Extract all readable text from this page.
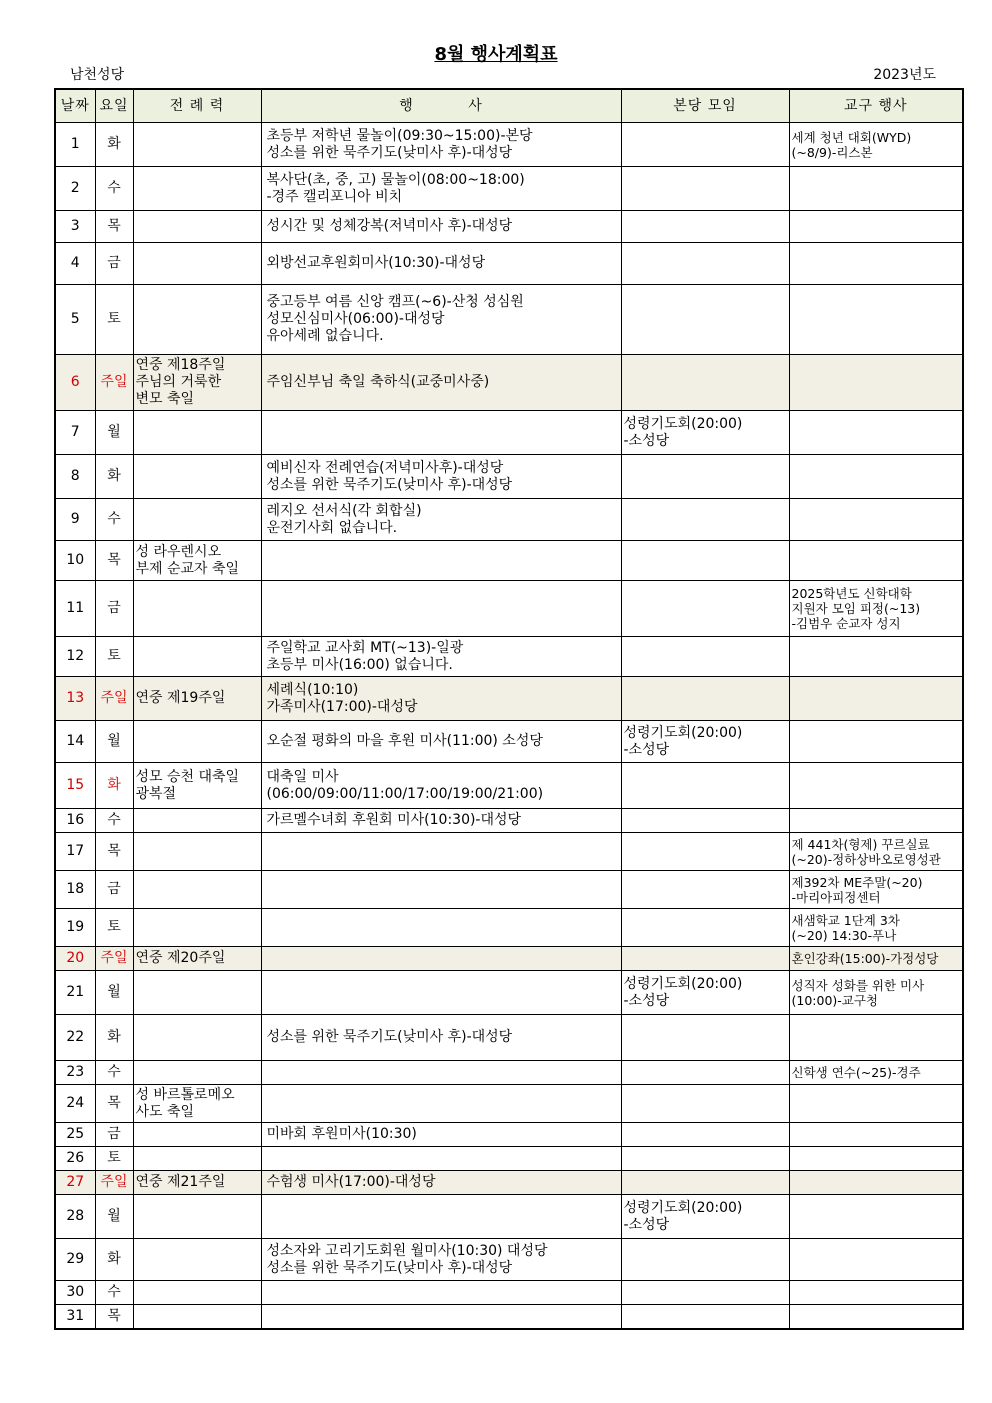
8월 행사계획표
남천성당	2023년도
날짜	요일	전 례 력	행          사	본당 모임	교구 행사
1	화		초등부 저학년 물놀이(09:30~15:00)-본당
성소를 위한 묵주기도(낮미사 후)-대성당		세계 청년 대회(WYD)
(~8/9)-리스본
2	수		복사단(초, 중, 고) 물놀이(08:00~18:00)
-경주 캘리포니아 비치		
3	목		성시간 및 성체강복(저녁미사 후)-대성당		
4	금		외방선교후원회미사(10:30)-대성당		
5	토		중고등부 여름 신앙 캠프(~6)-산청 성심원
성모신심미사(06:00)-대성당
유아세례 없습니다.		
6	주일	연중 제18주일
주님의 거룩한
변모 축일	주임신부님 축일 축하식(교중미사중)		
7	월			성령기도회(20:00)
-소성당	
8	화		예비신자 전례연습(저녁미사후)-대성당
성소를 위한 묵주기도(낮미사 후)-대성당		
9	수		레지오 선서식(각 회합실)
운전기사회 없습니다.		
10	목	성 라우렌시오
부제 순교자 축일			
11	금				2025학년도 신학대학
지원자 모임 피정(~13)
-김범우 순교자 성지
12	토		주일학교 교사회 MT(~13)-일광
초등부 미사(16:00) 없습니다.		
13	주일	연중 제19주일	세례식(10:10)
가족미사(17:00)-대성당		
14	월		오순절 평화의 마을 후원 미사(11:00) 소성당	성령기도회(20:00)
-소성당	
15	화	성모 승천 대축일
광복절	대축일 미사
(06:00/09:00/11:00/17:00/19:00/21:00)		
16	수		가르멜수녀회 후원회 미사(10:30)-대성당		
17	목				제 441차(형제) 꾸르실료
(~20)-정하상바오로영성관
18	금				제392차 ME주말(~20)
-마리아피정센터
19	토				새샘학교 1단계 3차
(~20) 14:30-푸나
20	주일	연중 제20주일			혼인강좌(15:00)-가정성당
21	월			성령기도회(20:00)
-소성당	성직자 성화를 위한 미사
(10:00)-교구청
22	화		성소를 위한 묵주기도(낮미사 후)-대성당		
23	수				신학생 연수(~25)-경주
24	목	성 바르톨로메오
사도 축일			
25	금		미바회 후원미사(10:30)		
26	토				
27	주일	연중 제21주일	수험생 미사(17:00)-대성당		
28	월			성령기도회(20:00)
-소성당	
29	화		성소자와 고리기도회원 월미사(10:30) 대성당
성소를 위한 묵주기도(낮미사 후)-대성당		
30	수				
31	목				
